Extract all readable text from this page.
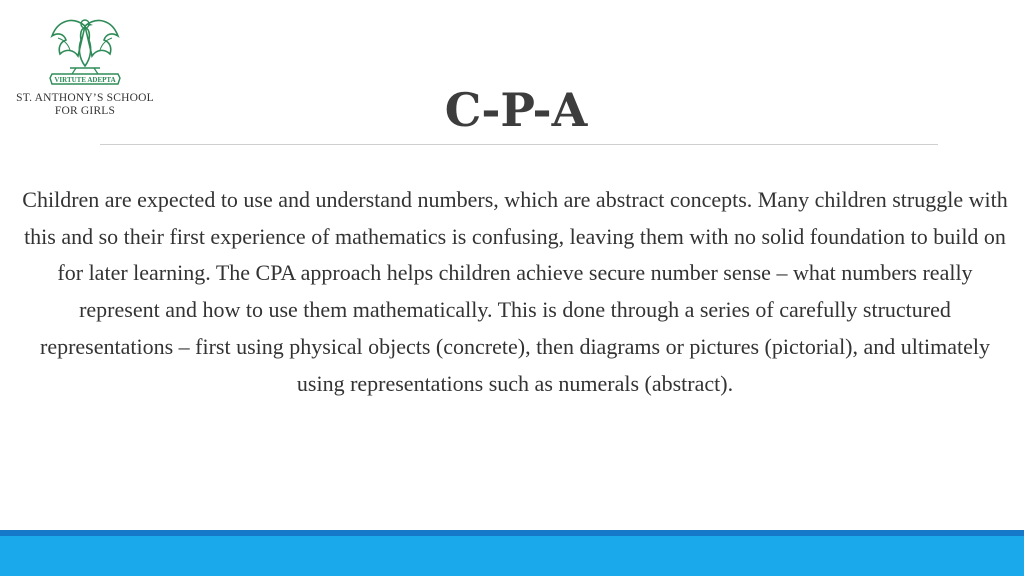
VIRTUTE ADEPTA
ST. ANTHONY’S SCHOOL
FOR GIRLS	C-P-A

Children are expected to use and understand numbers, which are abstract concepts. Many children struggle with this and so their first experience of mathematics is confusing, leaving them with no solid foundation to build on for later learning. The CPA approach helps children achieve secure number sense – what numbers really represent and how to use them mathematically. This is done through a series of carefully structured representations – first using physical objects (concrete), then diagrams or pictures (pictorial), and ultimately using representations such as numerals (abstract).
